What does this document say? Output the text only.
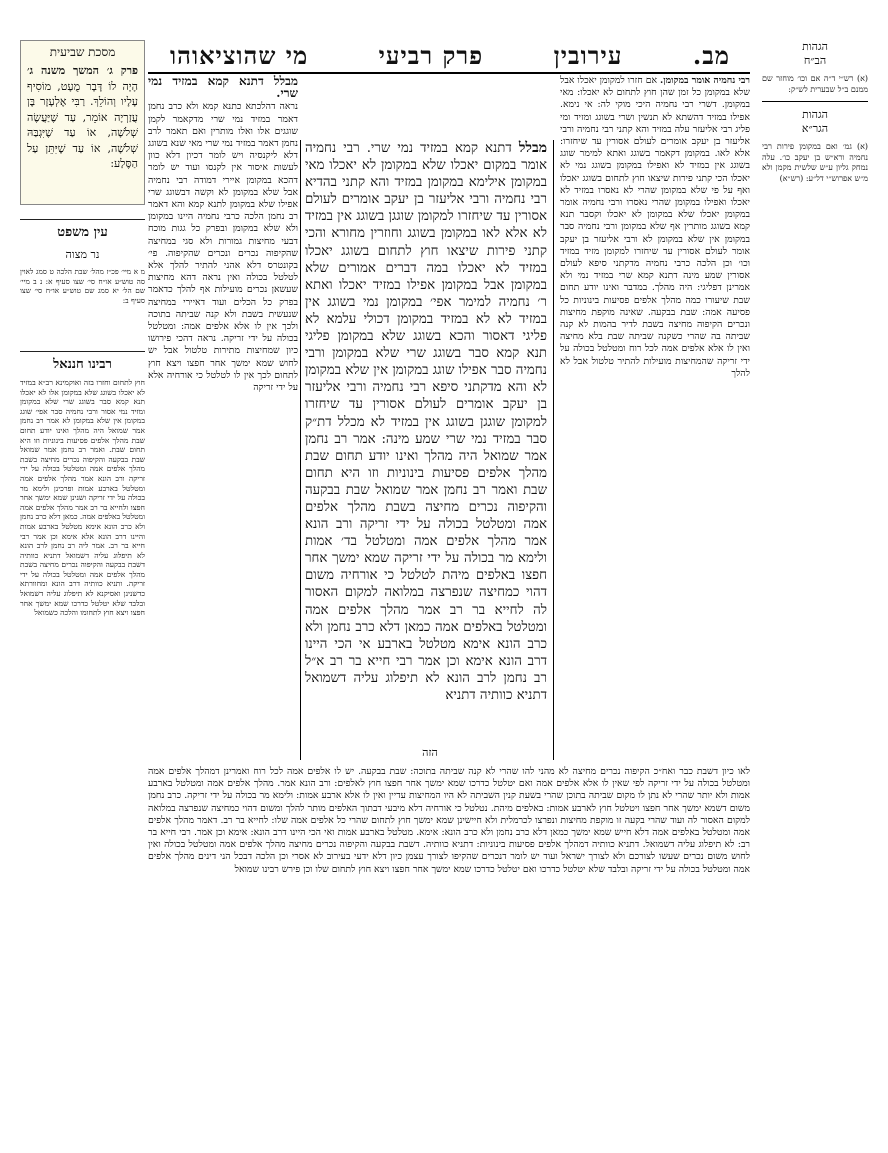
מב.
עירובין
פרק רביעי
מי שהוציאוהו
רבי נחמיה אומר במקומן. אם חזרו למקומן יאכלו אבל שלא במקומן כל זמן שהן חוץ לתחום לא יאכלו: מאי במקומן. דשרי רבי נחמיה היכי מוקי לה: אי נימא. אפילו במזיד דהשתא לא תנשין ושרי בשוגג ומזיד ומי פליג רבי אליעזר עלה במזיד והא קתני רבי נחמיה ורבי אליעזר בן יעקב אומרים לעולם אסורין עד שיחזרו: אלא לאו. במקומן דקאמר בשוגג ואתא למימר שוגג בשוגג אין במזיד לא ואפילו במקומן בשוגג נמי לא יאכלו הכי קתני פירות שיצאו חוץ לתחום בשוגג יאכלו ואף על פי שלא במקומן שהרי לא נאסרו במזיד לא יאכלו ואפילו במקומן שהרי נאסרו ורבי נחמיה אומר במקומן יאכלו שלא במקומן לא יאכלו וקסבר תנא קמא בשוגג מותרין אף שלא במקומן ורבי נחמיה סבר במקומן אין שלא במקומן לא ורבי אליעזר בן יעקב אומר לעולם אסורין עד שיחזרו למקומן מזיד במזיד וכו׳ וכן הלכה כרבי נחמיה מדקתני סיפא לעולם אסורין שמע מינה דתנא קמא שרי במזיד נמי ולא אמרינן דפליגי: היה מהלך. במדבר ואינו יודע תחום שבת שיעורו כמה מהלך אלפים פסיעות בינוניות כל פסיעה אמה: שבת בבקעה. שאינה מוקפת מחיצות ונכרים הקיפוה מחיצה בשבת לדיר בהמות לא קנה שביתה בה שהרי כשקנה שביתה שבת בלא מחיצה ואין לו אלא אלפים אמה לכל רוח ומטלטל בכולה על ידי זריקה שהמחיצות מועילות להתיר טלטול אבל לא להלך
מבלל דתנא קמא במזיד נמי שרי.
נראה דהלכתא כתנא קמא ולא כרב נחמן דאמר במזיד נמי שרי מדקאמר לקמן שוגגים אלו ואלו מותרין ואם תאמר לרב נחמן דאמר במזיד נמי שרי מאי שנא בשוגג דלא ליקנסיה ויש לומר דכיון דלא כוון לעשות איסור אין לקנסו ועוד יש לומר דהכא במקומן איירי דמודה רבי נחמיה אבל שלא במקומן לא וקשה דבשוגג שרי אפילו שלא במקומן לתנא קמא והא דאמר רב נחמן הלכה כרבי נחמיה היינו במקומן ולא שלא במקומן ובפרק כל גגות מוכח דבעי מחיצות גמורות ולא סגי במחיצה שהקיפוה נכרים ונכרים שהקיפוה. פי׳ בקונטרס דלא אהני להתיר להלך אלא לטלטל בכולה ואין נראה דהא מחיצות שעשאן נכרים מועילות אף להלך כדאמר בפרק כל הכלים ועוד דאיירי במחיצה שנעשית בשבת ולא קנה שביתה בתוכה ולכך אין לו אלא אלפים אמה: ומטלטל בכולה על ידי זריקה. נראה דהכי פירושו כיון שמחיצות מתירות טלטול אבל יש לחוש שמא ימשך אחר חפצו ויצא חוץ לתחום לכך אין לו לטלטל כי אורחיה אלא על ידי זריקה
מבלל דתנא קמא במזיד נמי שרי. רבי נחמיה אומר במקום יאכלו שלא במקומן לא יאכלו מאי במקומן אילימא במקומן במזיד והא קתני בהדיא רבי נחמיה ורבי אליעזר בן יעקב אומרים לעולם אסורין עד שיחזרו למקומן שוגגן בשוגג אין במזיד לא אלא לאו במקומן בשוגג וחוזרין מחורא והכי קתני פירות שיצאו חוץ לתחום בשוגג יאכלו במזיד לא יאכלו במה דברים אמורים שלא במקומן אבל במקומן אפילו במזיד יאכלו ואתא ר׳ נחמיה למימר אפי׳ במקומן נמי בשוגג אין במזיד לא לא במזיד במקומן דכולי עלמא לא פליגי דאסור והכא בשוגג שלא במקומן פליגי תנא קמא סבר בשוגג שרי שלא במקומן ורבי נחמיה סבר אפילו שוגג במקומן אין שלא במקומן לא והא מדקתני סיפא רבי נחמיה ורבי אליעזר בן יעקב אומרים לעולם אסורין עד שיחזרו למקומן שוגגן בשוגג אין במזיד לא מכלל דת״ק סבר במזיד נמי שרי שמע מינה: אמר רב נחמן אמר שמואל היה מהלך ואינו יודע תחום שבת מהלך אלפים פסיעות בינוניות וזו היא תחום שבת ואמר רב נחמן אמר שמואל שבת בבקעה והקיפוה נכרים מחיצה בשבת מהלך אלפים אמה ומטלטל בכולה על ידי זריקה ורב הונא אמר מהלך אלפים אמה ומטלטל בד׳ אמות ולימא מר בכולה על ידי זריקה שמא ימשך אחר חפצו באלפים מיהת לטלטל כי אורחיה משום דהוי כמחיצה שנפרצה במלואה למקום האסור לה לחייא בר רב אמר מהלך אלפים אמה ומטלטל באלפים אמה כמאן דלא כרב נחמן ולא כרב הונא אימא מטלטל בארבע אי הכי היינו דרב הונא אימא וכן אמר רבי חייא בר רב א״ל רב נחמן לרב הונא לא תיפלוג עליה דשמואל דתניא כוותיה דתניא
הזה
לאו כיון דשבת כבר ואח״כ הקיפוה נכרים מחיצה לא מהני להו שהרי לא קנה שביתה בתוכה: שבת בבקעה. יש לו אלפים אמה לכל רוח ואמרינן דמהלך אלפים אמה ומטלטל בכולה על ידי זריקה לפי שאין לו אלא אלפים אמה ואם יטלטל כדרכו שמא ימשך אחר חפצו חוץ לאלפים: ורב הונא אמר. מהלך אלפים אמה ומטלטל בארבע אמות ולא יותר שהרי לא נתן לו מקום שביתה בתוכן שהרי בשעת קנין השביתה לא היו המחיצות עדיין ואין לו אלא ארבע אמות: ולימא מר בכולה על ידי זריקה. כרב נחמן משום דשמא ימשך אחר חפצו ויטלטל חוץ לארבע אמות: באלפים מיהת. נטלטל כי אורחיה דלא מיבעי דבתוך האלפים מותר להלך ומשום דהוי כמחיצה שנפרצה במלואה למקום האסור לה ועוד שהרי בקעה זו מוקפת מחיצות ונפרצו לכרמלית ולא חיישינן שמא ימשך חוץ לתחום שהרי כל אלפים אמה שלו: לחייא בר רב. דאמר מהלך אלפים אמה ומטלטל באלפים אמה דלא חייש שמא ימשך כמאן דלא כרב נחמן ולא כרב הונא: אימא. מטלטל בארבע אמות ואי הכי היינו דרב הונא: אימא וכן אמר. רבי חייא בר רב: לא תיפלוג עליה דשמואל. דתניא כוותיה דמהלך אלפים פסיעות בינוניות: דתניא כוותיה. דשבת בבקעה והקיפוה נכרים מחיצה מהלך אלפים אמה ומטלטל בכולה ואין לחוש משום נכרים שעשו לצורכם ולא לצורך ישראל ועוד יש לומר דנכרים שהקיפו לצורך עצמן כיון דלא ידעי בעירוב לא אסרי וכן הלכה דבכל הני דינים מהלך אלפים אמה ומטלטל בכולה על ידי זריקה ובלבד שלא יטלטל כדרכו ואם יטלטל כדרכו שמא ימשך אחר חפצו ויצא חוץ לתחום שלו וכן פירש רבינו שמואל
מסכת שביעית
פרק ג׳ המשך משנה ג׳ הָיָה לוֹ דָּבָר מֻעָט, מוֹסִיף עָלָיו וְהוֹלֵךְ. רַבִּי אֶלְעָזָר בֶּן עֲזַרְיָה אוֹמֵר, עַד שֶׁיַּעֲשֶׂה שְׁלֹשָׁה, אוֹ עַד שֶׁיִּגְבַּהּ שְׁלֹשָׁה, אוֹ עַד שֶׁיִּתֵּן עַל הַסֶּלַע:
עין משפט
נר מצוה
מ א מיי׳ פכ״ז מהל׳ שבת הלכה ט סמג לאוין סה טוש״ע או״ח סי׳ שצו סעיף א: נ ב מיי׳ שם הל׳ יא סמג שם טוש״ע או״ח סי׳ שצו סעיף ב:
רבינו חננאל
חוץ לתחום וחזרו בזה ואוקמינא רב״א במזיד לא יאכלו בשוגג שלא במקומן אלו לא יאכלו תנא קמא סבר בשוגג שרי שלא במקומן ומזיד נמי אסור ורבי נחמיה סבר אפי׳ שוגג במקומן אין שלא במקומן לא אמר רב נחמן אמר שמואל היה מהלך ואינו יודע תחום שבת מהלך אלפים פסיעות בינוניות וזו היא תחום שבת. ואמר רב נחמן אמר שמואל שבת בבקעה והקיפוה נכרים מחיצה בשבת מהלך אלפים אמה ומטלטל בכולה על ידי זריקה ורב הונא אמר מהלך אלפים אמה ומטלטל בארבע אמות ופרכינן ולימא מר בכולה על ידי זריקה ושנינן שמא ימשך אחר חפצו ולחייא בר רב אמר מהלך אלפים אמה ומטלטל באלפים אמה. כמאן דלא כרב נחמן ולא כרב הונא אימא מטלטל בארבע אמות והיינו דרב הונא אלא אימא וכן אמר רבי חייא בר רב. אמר ליה רב נחמן לרב הונא לא תיפלוג עליה דשמואל דתניא כוותיה דשבת בבקעה והקיפוה נכרים מחיצה בשבת מהלך אלפים אמה ומטלטל בכולה על ידי זריקה. ותניא כוותיה דרב הונא ומחוורתא כדשנינן ואסיקנא לא תיפלוג עליה דשמואל ובלבד שלא יטלטל כדרכו שמא ימשך אחר חפצו ויצא חוץ לתחומו והלכה כשמואל
הגהות
הב״ח
(א) רש״י ד״ה אם וכו׳ מוחזר שם ממנם ב״ל שבערית לש״ק:
הגהות
הגר״א
(א) גמ׳ ואם במקומן פירות רבי נחמיה ורא״ש בן יעקב כו׳. עלה נמחק גליון ע״ש שלשית מקמן ולא מ״ש אפרוש״י דל״ע: (רש״א)
